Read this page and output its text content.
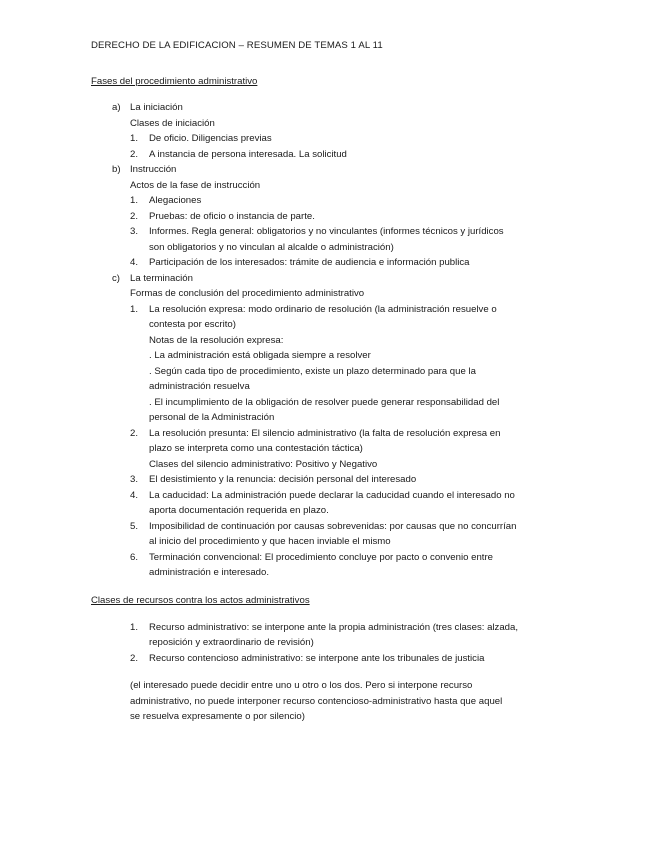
DERECHO DE LA EDIFICACION – RESUMEN DE TEMAS 1 AL 11
Fases del procedimiento administrativo
a) La iniciación
Clases de iniciación
1. De oficio. Diligencias previas
2. A instancia de persona interesada. La solicitud
b) Instrucción
Actos de la fase de instrucción
1. Alegaciones
2. Pruebas: de oficio o instancia de parte.
3. Informes. Regla general: obligatorios y no vinculantes (informes técnicos y jurídicos
son obligatorios y no vinculan al alcalde o administración)
4. Participación de los interesados: trámite de audiencia e información publica
c) La terminación
Formas de conclusión del procedimiento administrativo
1. La resolución expresa: modo ordinario de resolución (la administración resuelve o
contesta por escrito)
Notas de la resolución expresa:
. La administración está obligada siempre a resolver
. Según cada tipo de procedimiento, existe un plazo determinado para que la
administración resuelva
. El incumplimiento de la obligación de resolver puede generar responsabilidad del
personal de la Administración
2. La resolución presunta: El silencio administrativo (la falta de resolución expresa en
plazo se interpreta como una contestación táctica)
Clases del silencio administrativo: Positivo y Negativo
3. El desistimiento y la renuncia: decisión personal del interesado
4. La caducidad: La administración puede declarar la caducidad cuando el interesado no
aporta documentación requerida en plazo.
5. Imposibilidad de continuación por causas sobrevenidas: por causas que no concurrían
al inicio del procedimiento y que hacen inviable el mismo
6. Terminación convencional: El procedimiento concluye por pacto o convenio entre
administración e interesado.
Clases de recursos contra los actos administrativos
1. Recurso administrativo: se interpone ante la propia administración (tres clases: alzada,
reposición y extraordinario de revisión)
2. Recurso contencioso administrativo: se interpone ante los tribunales de justicia
(el interesado puede decidir entre uno u otro o los dos. Pero si interpone recurso
administrativo, no puede interponer recurso contencioso-administrativo hasta que aquel
se resuelva expresamente o por silencio)
